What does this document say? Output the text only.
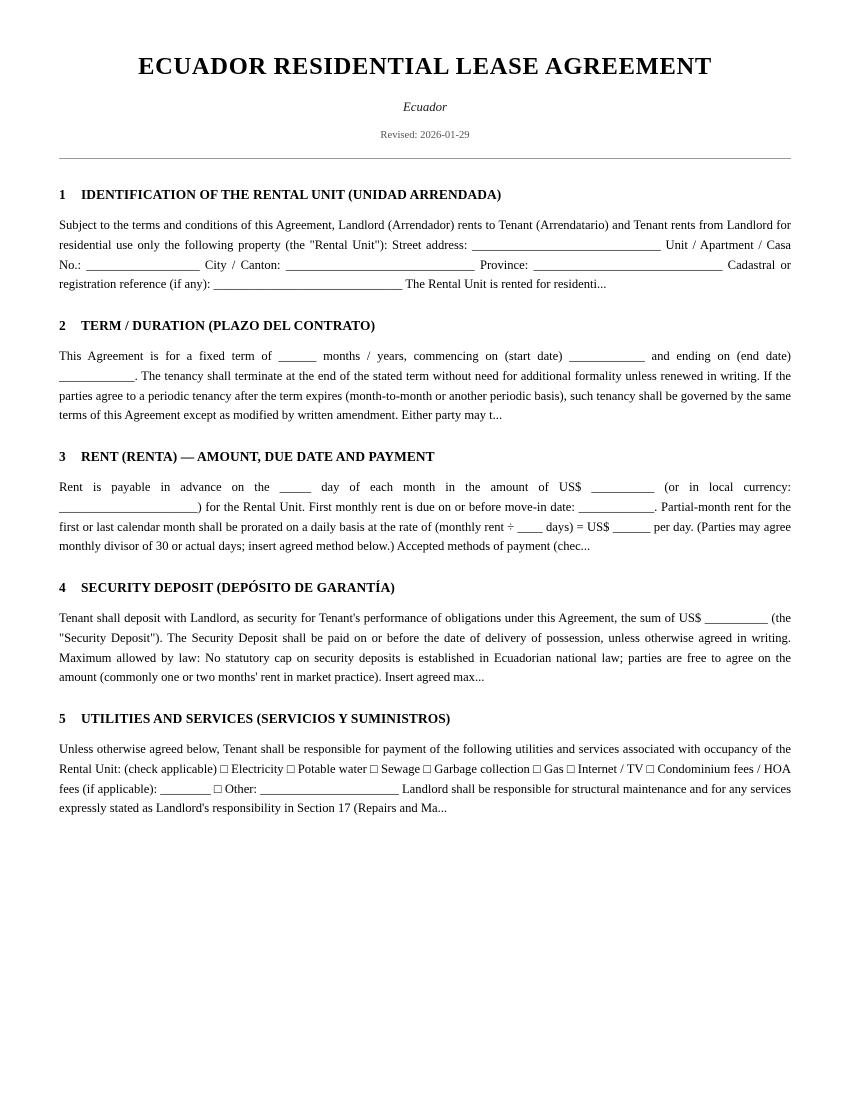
ECUADOR RESIDENTIAL LEASE AGREEMENT
Ecuador
Revised: 2026-01-29
1 IDENTIFICATION OF THE RENTAL UNIT (UNIDAD ARRENDADA)

Subject to the terms and conditions of this Agreement, Landlord (Arrendador) rents to Tenant (Arrendatario) and Tenant rents from Landlord for residential use only the following property (the "Rental Unit"): Street address: ______________________________ Unit / Apartment / Casa No.: __________________ City / Canton: ______________________________ Province: ______________________________ Cadastral or registration reference (if any): ______________________________ The Rental Unit is rented for residenti...

2 TERM / DURATION (PLAZO DEL CONTRATO)

This Agreement is for a fixed term of ______ months / years, commencing on (start date) ____________ and ending on (end date) ____________. The tenancy shall terminate at the end of the stated term without need for additional formality unless renewed in writing. If the parties agree to a periodic tenancy after the term expires (month-to-month or another periodic basis), such tenancy shall be governed by the same terms of this Agreement except as modified by written amendment. Either party may t...

3 RENT (RENTA) — AMOUNT, DUE DATE AND PAYMENT

Rent is payable in advance on the _____ day of each month in the amount of US$ __________ (or in local currency: ______________________) for the Rental Unit. First monthly rent is due on or before move-in date: ____________. Partial-month rent for the first or last calendar month shall be prorated on a daily basis at the rate of (monthly rent ÷ ____ days) = US$ ______ per day. (Parties may agree monthly divisor of 30 or actual days; insert agreed method below.) Accepted methods of payment (chec...

4 SECURITY DEPOSIT (DEPÓSITO DE GARANTÍA)

Tenant shall deposit with Landlord, as security for Tenant's performance of obligations under this Agreement, the sum of US$ __________ (the "Security Deposit"). The Security Deposit shall be paid on or before the date of delivery of possession, unless otherwise agreed in writing. Maximum allowed by law: No statutory cap on security deposits is established in Ecuadorian national law; parties are free to agree on the amount (commonly one or two months' rent in market practice). Insert agreed max...

5 UTILITIES AND SERVICES (SERVICIOS Y SUMINISTROS)

Unless otherwise agreed below, Tenant shall be responsible for payment of the following utilities and services associated with occupancy of the Rental Unit: (check applicable) □ Electricity □ Potable water □ Sewage □ Garbage collection □ Gas □ Internet / TV □ Condominium fees / HOA fees (if applicable): ________ □ Other: ______________________ Landlord shall be responsible for structural maintenance and for any services expressly stated as Landlord's responsibility in Section 17 (Repairs and Ma...
